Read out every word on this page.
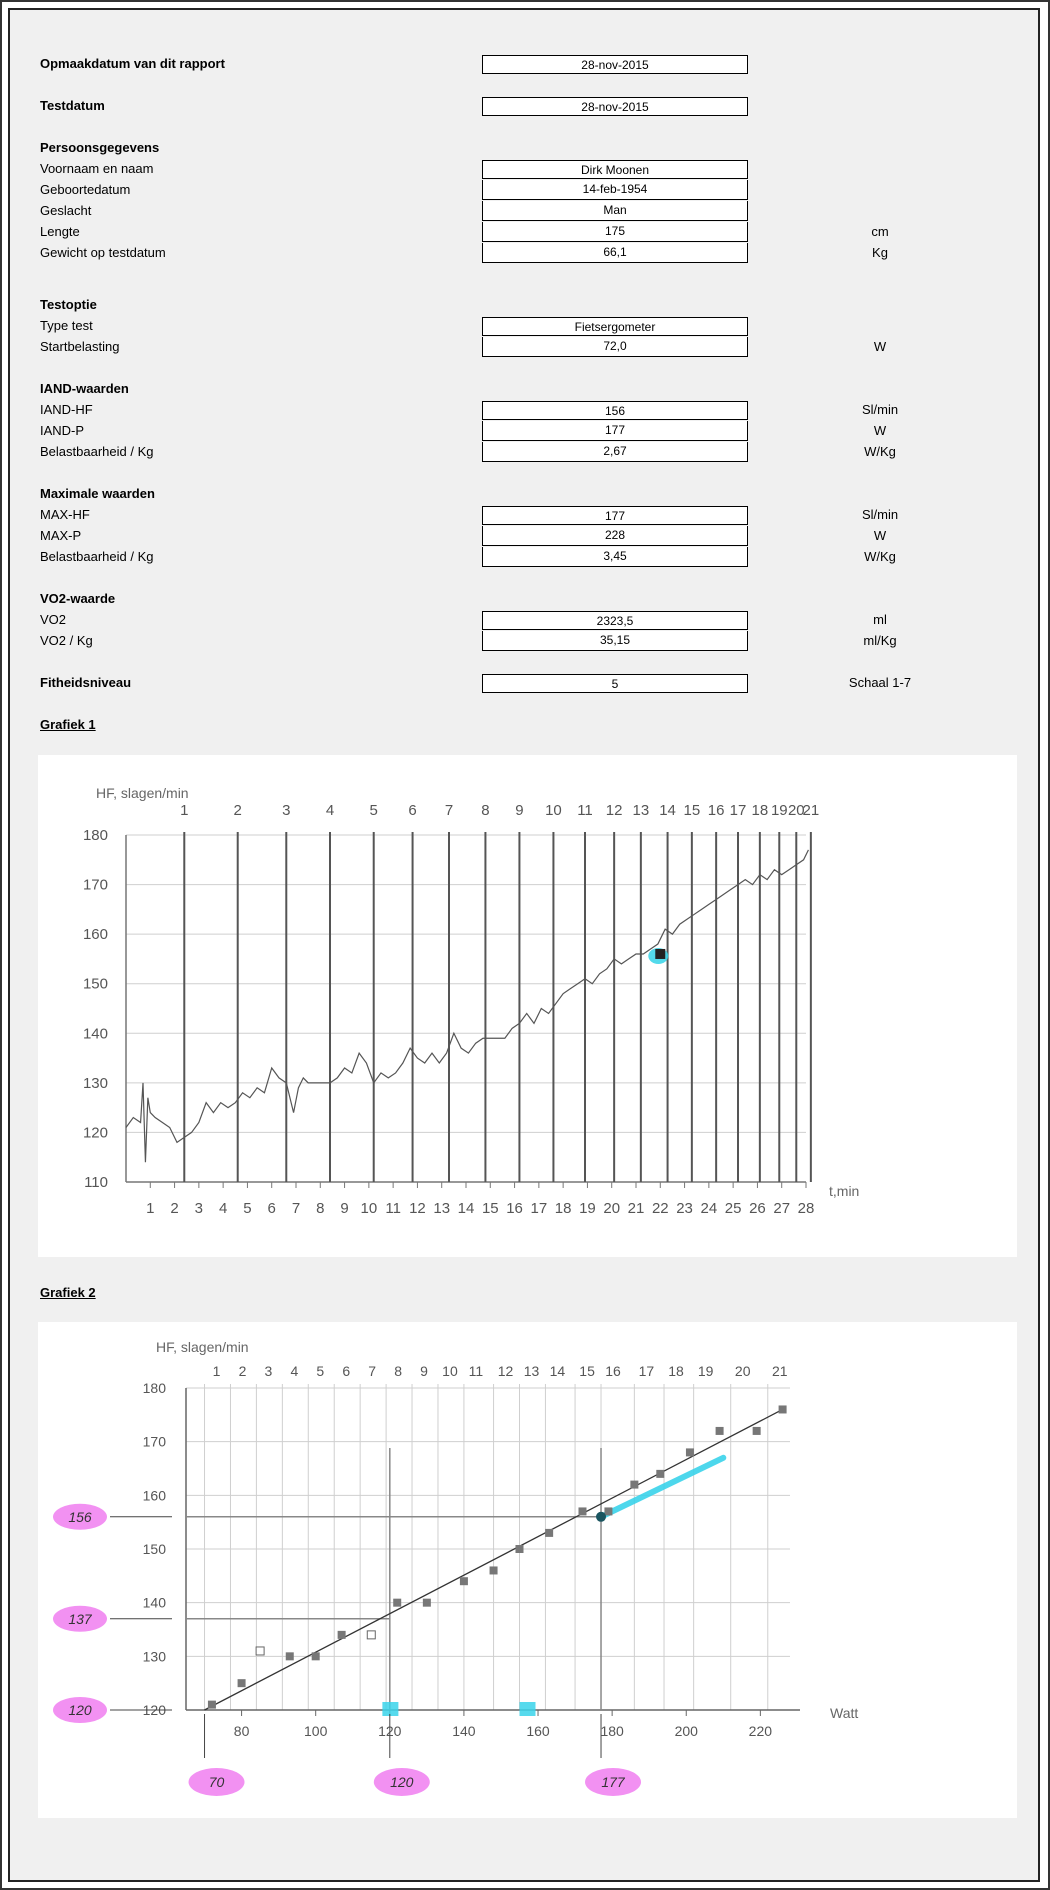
Opmaakdatum van dit rapport	28-nov-2015
Testdatum	28-nov-2015
Persoonsgegevens
Voornaam en naam	Dirk Moonen
Geboortedatum	14-feb-1954
Geslacht	Man
Lengte	175	cm
Gewicht op testdatum	66,1	Kg
Testoptie
Type test	Fietsergometer
Startbelasting	72,0	W
IAND-waarden
IAND-HF	156	Sl/min
IAND-P	177	W
Belastbaarheid / Kg	2,67	W/Kg
Maximale waarden
MAX-HF	177	Sl/min
MAX-P	228	W
Belastbaarheid / Kg	3,45	W/Kg
VO2-waarde
VO2	2323,5	ml
VO2 / Kg	35,15	ml/Kg
Fitheidsniveau	5	Schaal 1-7
Grafiek 1
110
120
130
140
150
160
170
180
1 2 3 4 5 6 7 8 9 10 11 12 13 14 15 16 17 18 19 20 21 22 23 24 25 26 27 28
1	2	3 4 5 6 7 8 9 10 11 12 13 14 15 16 17 18 19 20
21
HF, slagen/min
t,min
Grafiek 2
1 2 3 4 5 6 7 8 9 10 11 12 13 14 15 16 17 18 19 20 21
120
130
140
150
160
170
180
80	100	120	140	160	180	200	220
HF, slagen/min
Watt
156
137
120
70	120	177
